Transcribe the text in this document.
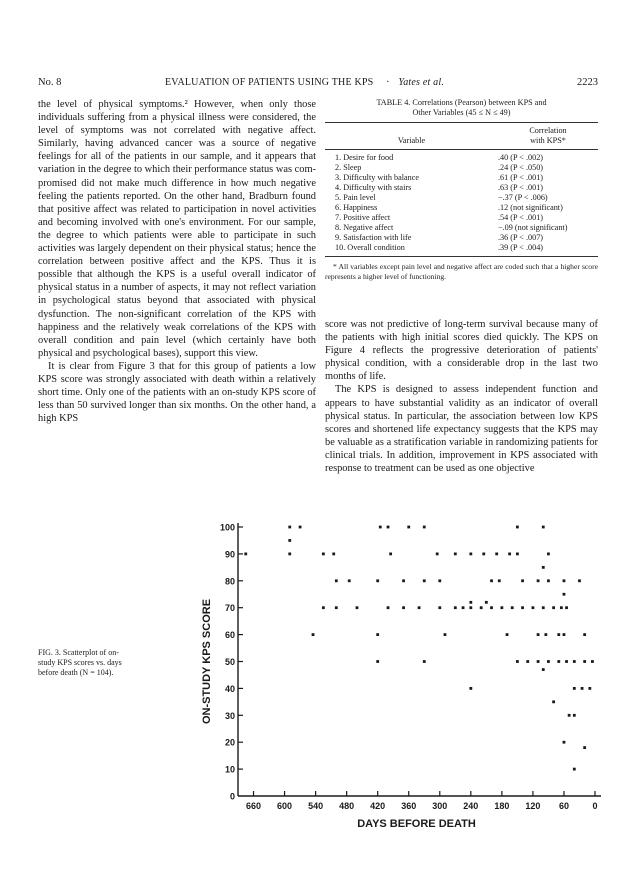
No. 8	EVALUATION OF PATIENTS USING THE KPS · Yates et al.	2223

the level of physical symptoms.² However, when only those individuals suffering from a physical illness were considered, the level of symptoms was not correlated with negative affect. Similarly, having advanced cancer was a source of negative feelings for all of the patients in our sample, and it appears that variation in the degree to which their performance status was compromised did not make much difference in how much negative feeling the patients reported. On the other hand, Bradburn found that positive affect was related to participation in novel activities and becoming involved with one's environment. For our sample, the degree to which patients were able to participate in such activities was largely dependent on their physical status; hence the correlation between positive affect and the KPS. Thus it is possible that although the KPS is a useful overall indicator of physical status in a number of aspects, it may not reflect variation in psychological status beyond that associated with physical dysfunction. The non-significant correlation of the KPS with happiness and the relatively weak correlations of the KPS with overall condition and pain level (which certainly have both physical and psychological bases), support this view.

It is clear from Figure 3 that for this group of patients a low KPS score was strongly associated with death within a relatively short time. Only one of the patients with an on-study KPS score of less than 50 survived longer than six months. On the other hand, a high KPS

TABLE 4. Correlations (Pearson) between KPS and
Other Variables (45 ≤ N ≤ 49)
Variable
Correlation
with KPS*
1. Desire for food	.40 (P < .002)
2. Sleep	.24 (P < .050)
3. Difficulty with balance	.61 (P < .001)
4. Difficulty with stairs	.63 (P < .001)
5. Pain level	−.37 (P < .006)
6. Happiness	.12 (not significant)
7. Positive affect	.54 (P < .001)
8. Negative affect	−.09 (not significant)
9. Satisfaction with life	.36 (P < .007)
10. Overall condition	.39 (P < .004)
* All variables except pain level and negative affect are coded such that a higher score represents a higher level of functioning.

score was not predictive of long-term survival because many of the patients with high initial scores died quickly. The KPS on Figure 4 reflects the progressive deterioration of patients' physical condition, with a considerable drop in the last two months of life.

The KPS is designed to assess independent function and appears to have substantial validity as an indicator of overall physical status. In particular, the association between low KPS scores and shortened life expectancy suggests that the KPS may be valuable as a stratification variable in randomizing patients for clinical trials. In addition, improvement in KPS associated with response to treatment can be used as one objective

FIG. 3. Scatterplot of on-study KPS scores vs. days before death (N = 104).
10
20
30
40
50
60
70
80
90
100
0
660 600 540 480 420 360 300 240 180 120 60	0
DAYS BEFORE DEATH
ON-STUDY KPS SCORE
